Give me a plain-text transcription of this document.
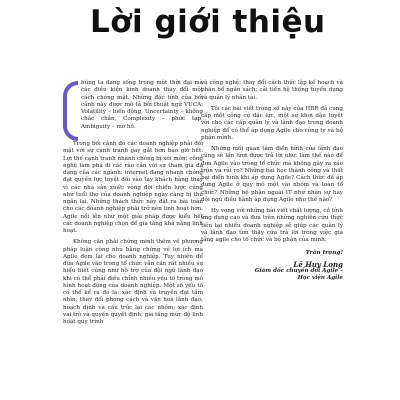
Lời giới thiệu

húng ta đang sống trong một thời đại mà các điều kiện kinh doanh thay đổi một cách chóng mặt. Những đặc tính của bối cảnh này được mô tả bởi thuật ngữ VUCA: Volatility – biến động, Uncertainty – không chắc chắn, Complexity – phức tạp, Ambiguity – mơ hồ.

Trong bối cảnh đó các doanh nghiệp phải đối mặt với sự cạnh tranh gay gắt hơn bao giờ hết. Lợi thế cạnh tranh nhanh chóng bị xói mòn; công nghệ làm phá đi các rào cản với sự tham gia đa dạng của các ngành; internet đang nhanh chóng đạt quyền lực tuyệt đối vào tay khách hàng thay vì các nhà sản xuất; vòng đời chiến lược cũng như tuổi thọ của doanh nghiệp ngày càng bị thu ngắn lại. Những thách thức này đặt ra bài toán cho các doanh nghiệp phải trở nên linh hoạt hơn. Agile nổi lên như một giải pháp được kiểu hết các doanh nghiệp chọn để gia tăng khả năng linh hoạt.

Không cần phải chứng minh thêm về phương pháp luận công nhu bằng chứng về lợi ích mà Agile đem lại cho doanh nghiệp. Tuy nhiên để đưa Agile vào trong tổ chức vẫn cần rất nhiều sự hiểu biết cũng như hỗ trợ của đội ngũ lãnh đạo khi có thể phải điều chỉnh nhiều yếu tố trong mô hình hoạt động của doanh nghiệp. Một số yếu tố có thể kể ra đó là: xác định và truyền đạt tầm nhìn; thay đổi phong cách và văn hoá lãnh đạo; hoạch định và cấu trúc lại các nhóm; xác định vai trò và quyền quyết định; gia tăng mức độ linh hoạt quy trình

và công nghệ; thay đổi cách thức lập kế hoạch và phân bổ ngân sách; cải tiến hệ thống tuyển dụng và quản lý nhân tài.

Tôi các bài viết trong số này của HBR đã cung cấp một công cụ đặc lực, một sự khơi dậu tuyệt vời cho các cấp quản lý và lãnh đạo trong doanh nghiệp để có thể áp dụng Agile cho công ty và bộ phận mình.

Những mối quan tâm điển hình của lãnh đạo cũng sẽ lần lượt được trả lời như: làm thế nào để đưa Agile vào trong tổ chức mà không gây ra xáo trộn và rủi ro? Những bài học thành công và thất bại điển hình khi áp dụng Agile? Cách thức để áp dụng Agile ở quy mô một vài nhóm và toàn tổ chức? Những bộ phận ngoài IT như nhân sự hay đội ngũ điều hành áp dụng Agile như thế nào?

Hy vọng với những bài viết chất lượng, có tính ứng dụng cao và đưa trên những nghiên cứu thực tiễn tại nhiều doanh nghiệp sẽ giúp các quản lý và lãnh đạo tìm thấy cửa trả lời trong việc gia tăng agile cho tổ chức và bộ phận của mình.

Trân trọng!
Lê Huy Long
Giám đốc chuyển đổi Agile –
Học viện Agile
